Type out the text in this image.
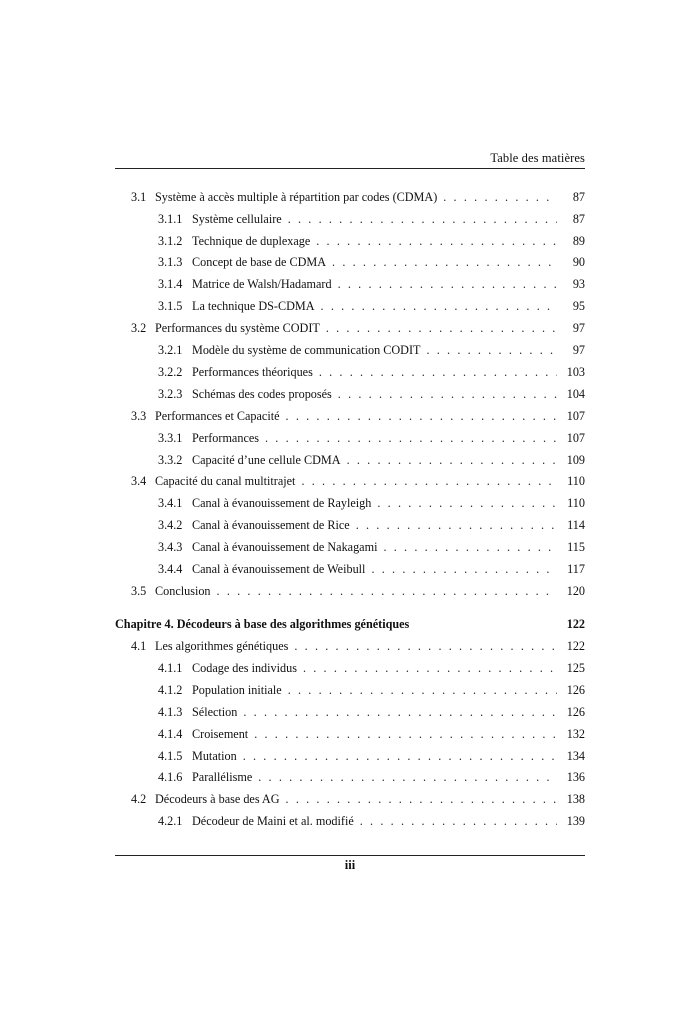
Table des matières
3.1 Système à accès multiple à répartition par codes (CDMA) . . .	87
3.1.1 Système cellulaire . . .	87
3.1.2 Technique de duplexage . . .	89
3.1.3 Concept de base de CDMA . . .	90
3.1.4 Matrice de Walsh/Hadamard . . .	93
3.1.5 La technique DS-CDMA . . .	95
3.2 Performances du système CODIT . . .	97
3.2.1 Modèle du système de communication CODIT . . .	97
3.2.2 Performances théoriques . . .	103
3.2.3 Schémas des codes proposés . . .	104
3.3 Performances et Capacité . . .	107
3.3.1 Performances . . .	107
3.3.2 Capacité d’une cellule CDMA . . .	109
3.4 Capacité du canal multitrajet . . .	110
3.4.1 Canal à évanouissement de Rayleigh . . .	110
3.4.2 Canal à évanouissement de Rice . . .	114
3.4.3 Canal à évanouissement de Nakagami . . .	115
3.4.4 Canal à évanouissement de Weibull . . .	117
3.5 Conclusion . . .	120
Chapitre 4. Décodeurs à base des algorithmes génétiques	122
4.1 Les algorithmes génétiques . . .	122
4.1.1 Codage des individus . . .	125
4.1.2 Population initiale . . .	126
4.1.3 Sélection . . .	126
4.1.4 Croisement . . .	132
4.1.5 Mutation . . .	134
4.1.6 Parallélisme . . .	136
4.2 Décodeurs à base des AG . . .	138
4.2.1 Décodeur de Maini et al. modifié . . .	139
iii
